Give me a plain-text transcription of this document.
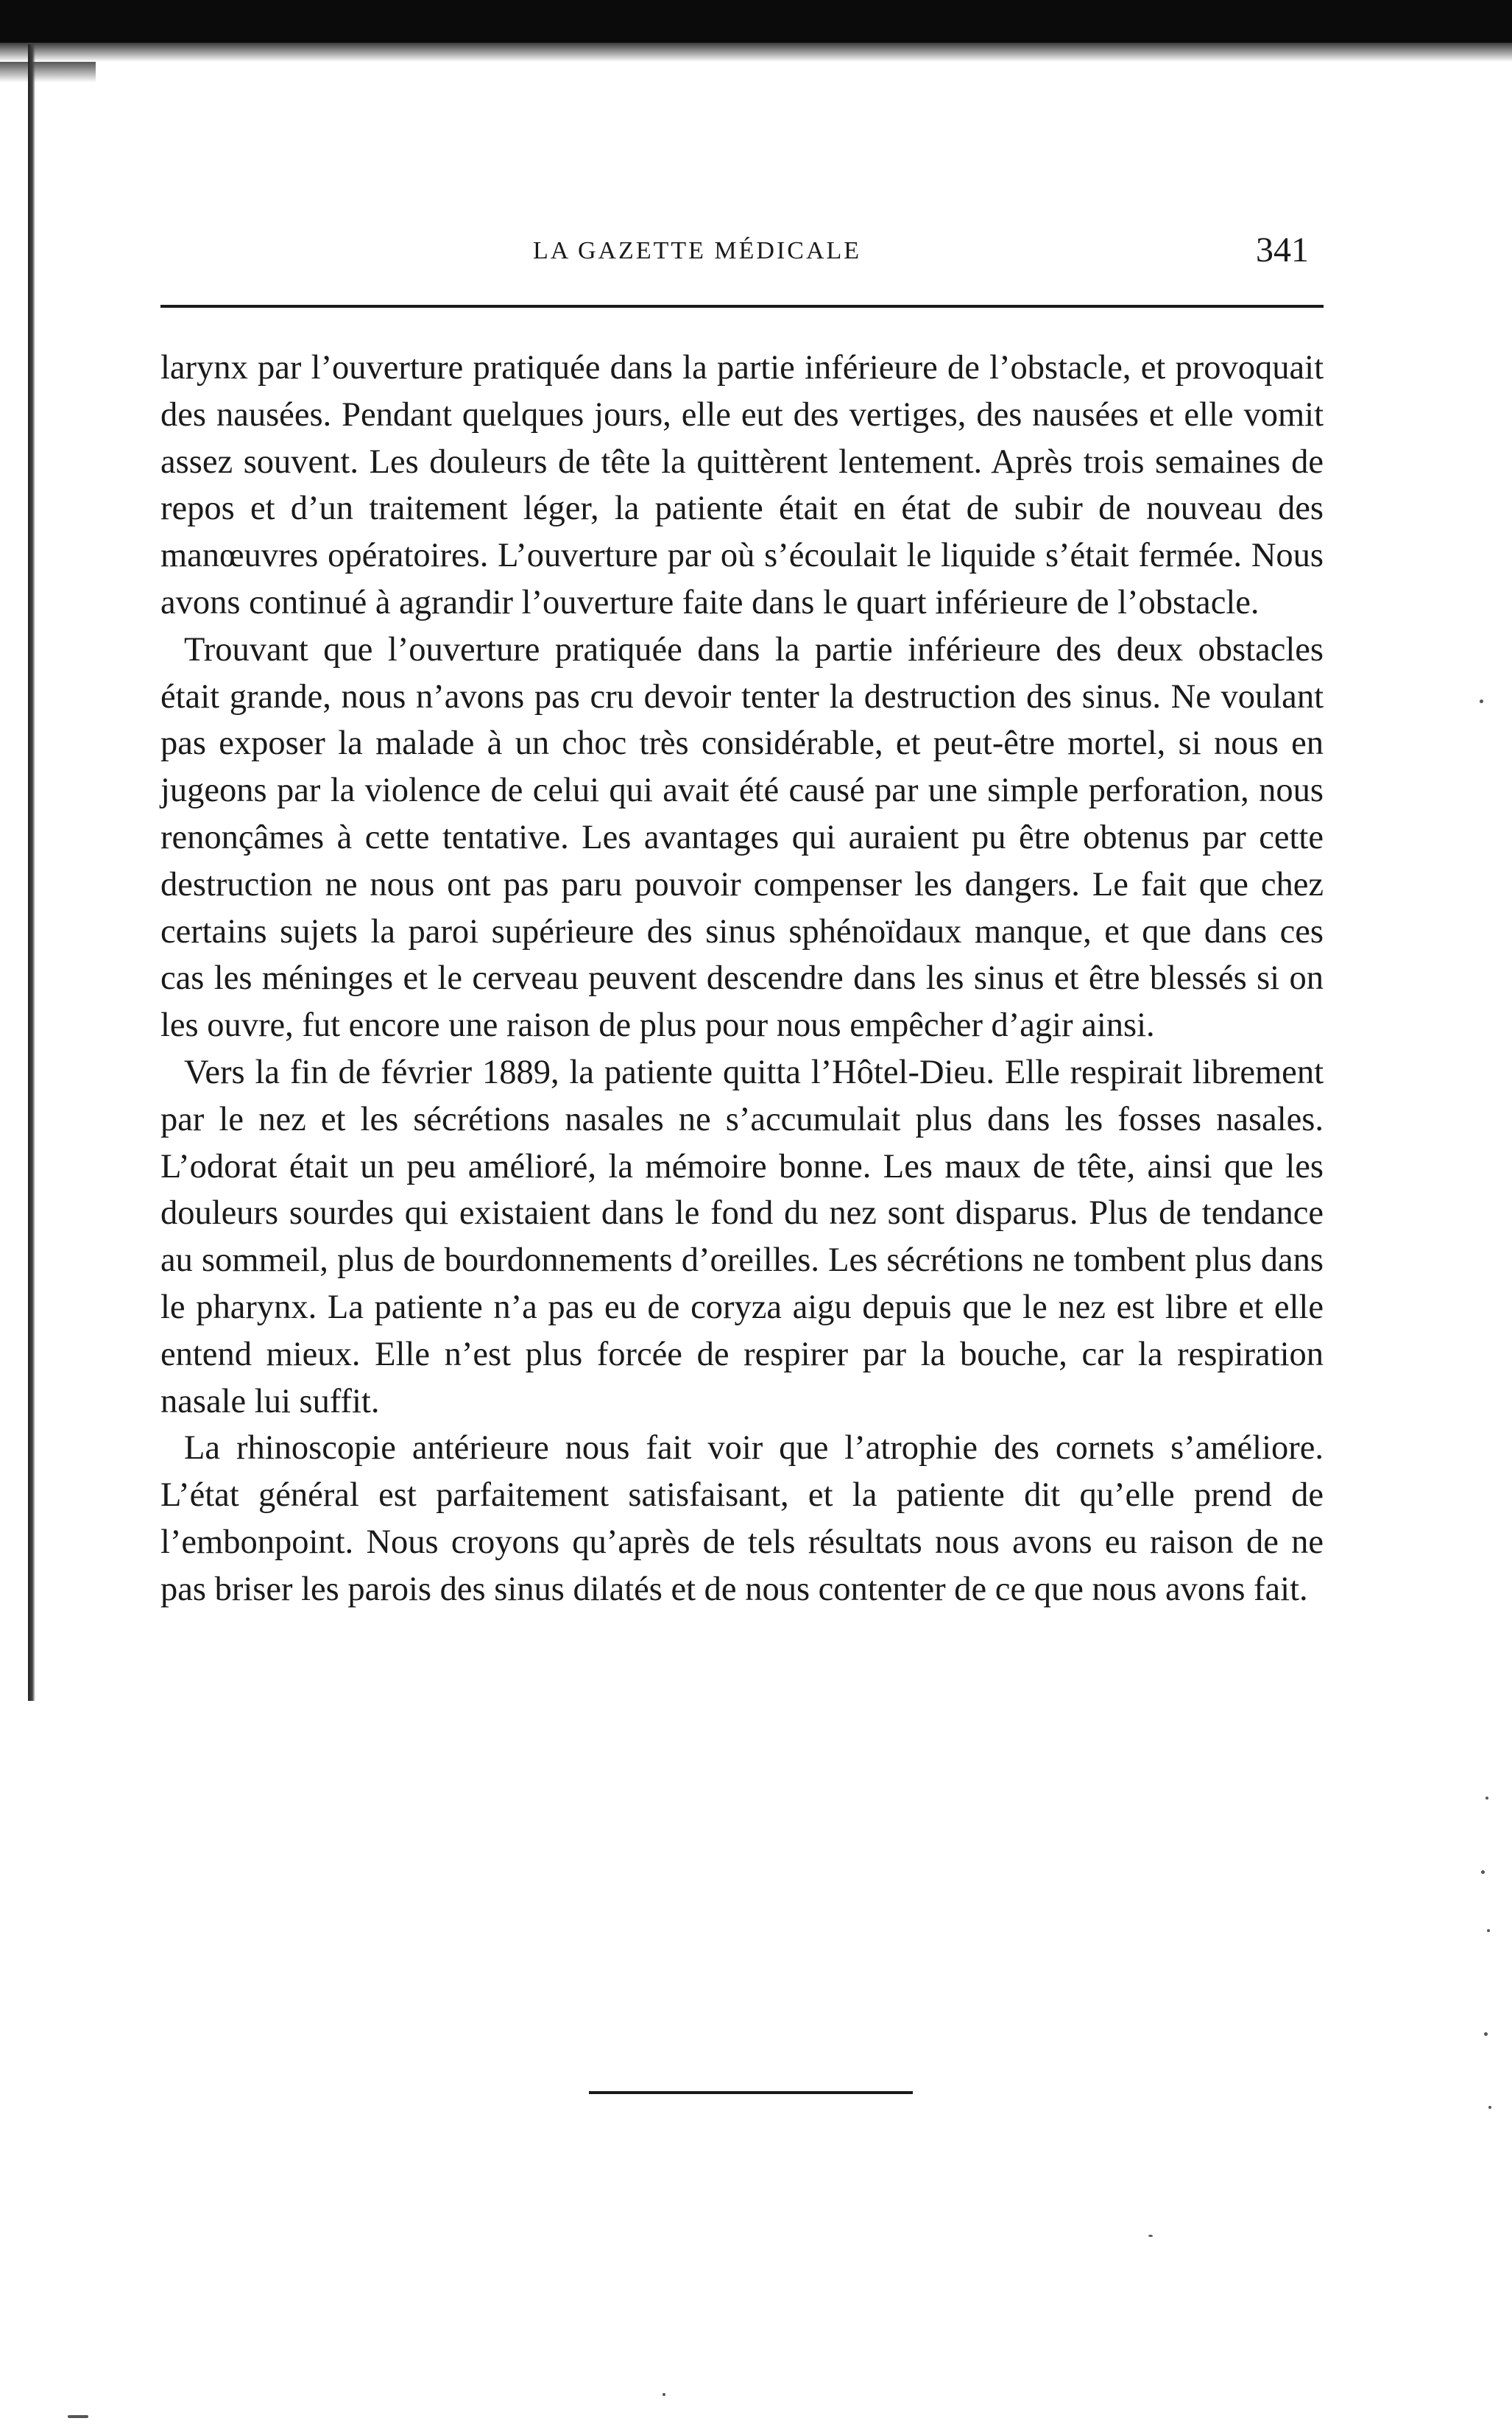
LA GAZETTE MÉDICALE	341

larynx par l’ouverture pratiquée dans la partie inférieure de l’obstacle, et provoquait des nausées. Pendant quelques jours, elle eut des vertiges, des nausées et elle vomit assez souvent. Les douleurs de tête la quittèrent lentement. Après trois semaines de repos et d’un traitement léger, la patiente était en état de subir de nouveau des manœuvres opératoires. L’ouverture par où s’écoulait le liquide s’était fermée. Nous avons continué à agrandir l’ouverture faite dans le quart inférieure de l’obstacle.

Trouvant que l’ouverture pratiquée dans la partie inférieure des deux obstacles était grande, nous n’avons pas cru devoir tenter la destruction des sinus. Ne voulant pas exposer la malade à un choc très considérable, et peut-être mortel, si nous en jugeons par la violence de celui qui avait été causé par une simple perforation, nous renonçâmes à cette tentative. Les avantages qui auraient pu être obtenus par cette destruction ne nous ont pas paru pouvoir compenser les dangers. Le fait que chez certains sujets la paroi supérieure des sinus sphénoïdaux manque, et que dans ces cas les méninges et le cerveau peuvent descendre dans les sinus et être blessés si on les ouvre, fut encore une raison de plus pour nous empêcher d’agir ainsi.

Vers la fin de février 1889, la patiente quitta l’Hôtel-Dieu. Elle respirait librement par le nez et les sécrétions nasales ne s’accumulait plus dans les fosses nasales. L’odorat était un peu amélioré, la mémoire bonne. Les maux de tête, ainsi que les douleurs sourdes qui existaient dans le fond du nez sont disparus. Plus de tendance au sommeil, plus de bourdonnements d’oreilles. Les sécrétions ne tombent plus dans le pharynx. La patiente n’a pas eu de coryza aigu depuis que le nez est libre et elle entend mieux. Elle n’est plus forcée de respirer par la bouche, car la respiration nasale lui suffit.

La rhinoscopie antérieure nous fait voir que l’atrophie des cornets s’améliore. L’état général est parfaitement satisfaisant, et la patiente dit qu’elle prend de l’embonpoint. Nous croyons qu’après de tels résultats nous avons eu raison de ne pas briser les parois des sinus dilatés et de nous contenter de ce que nous avons fait.
